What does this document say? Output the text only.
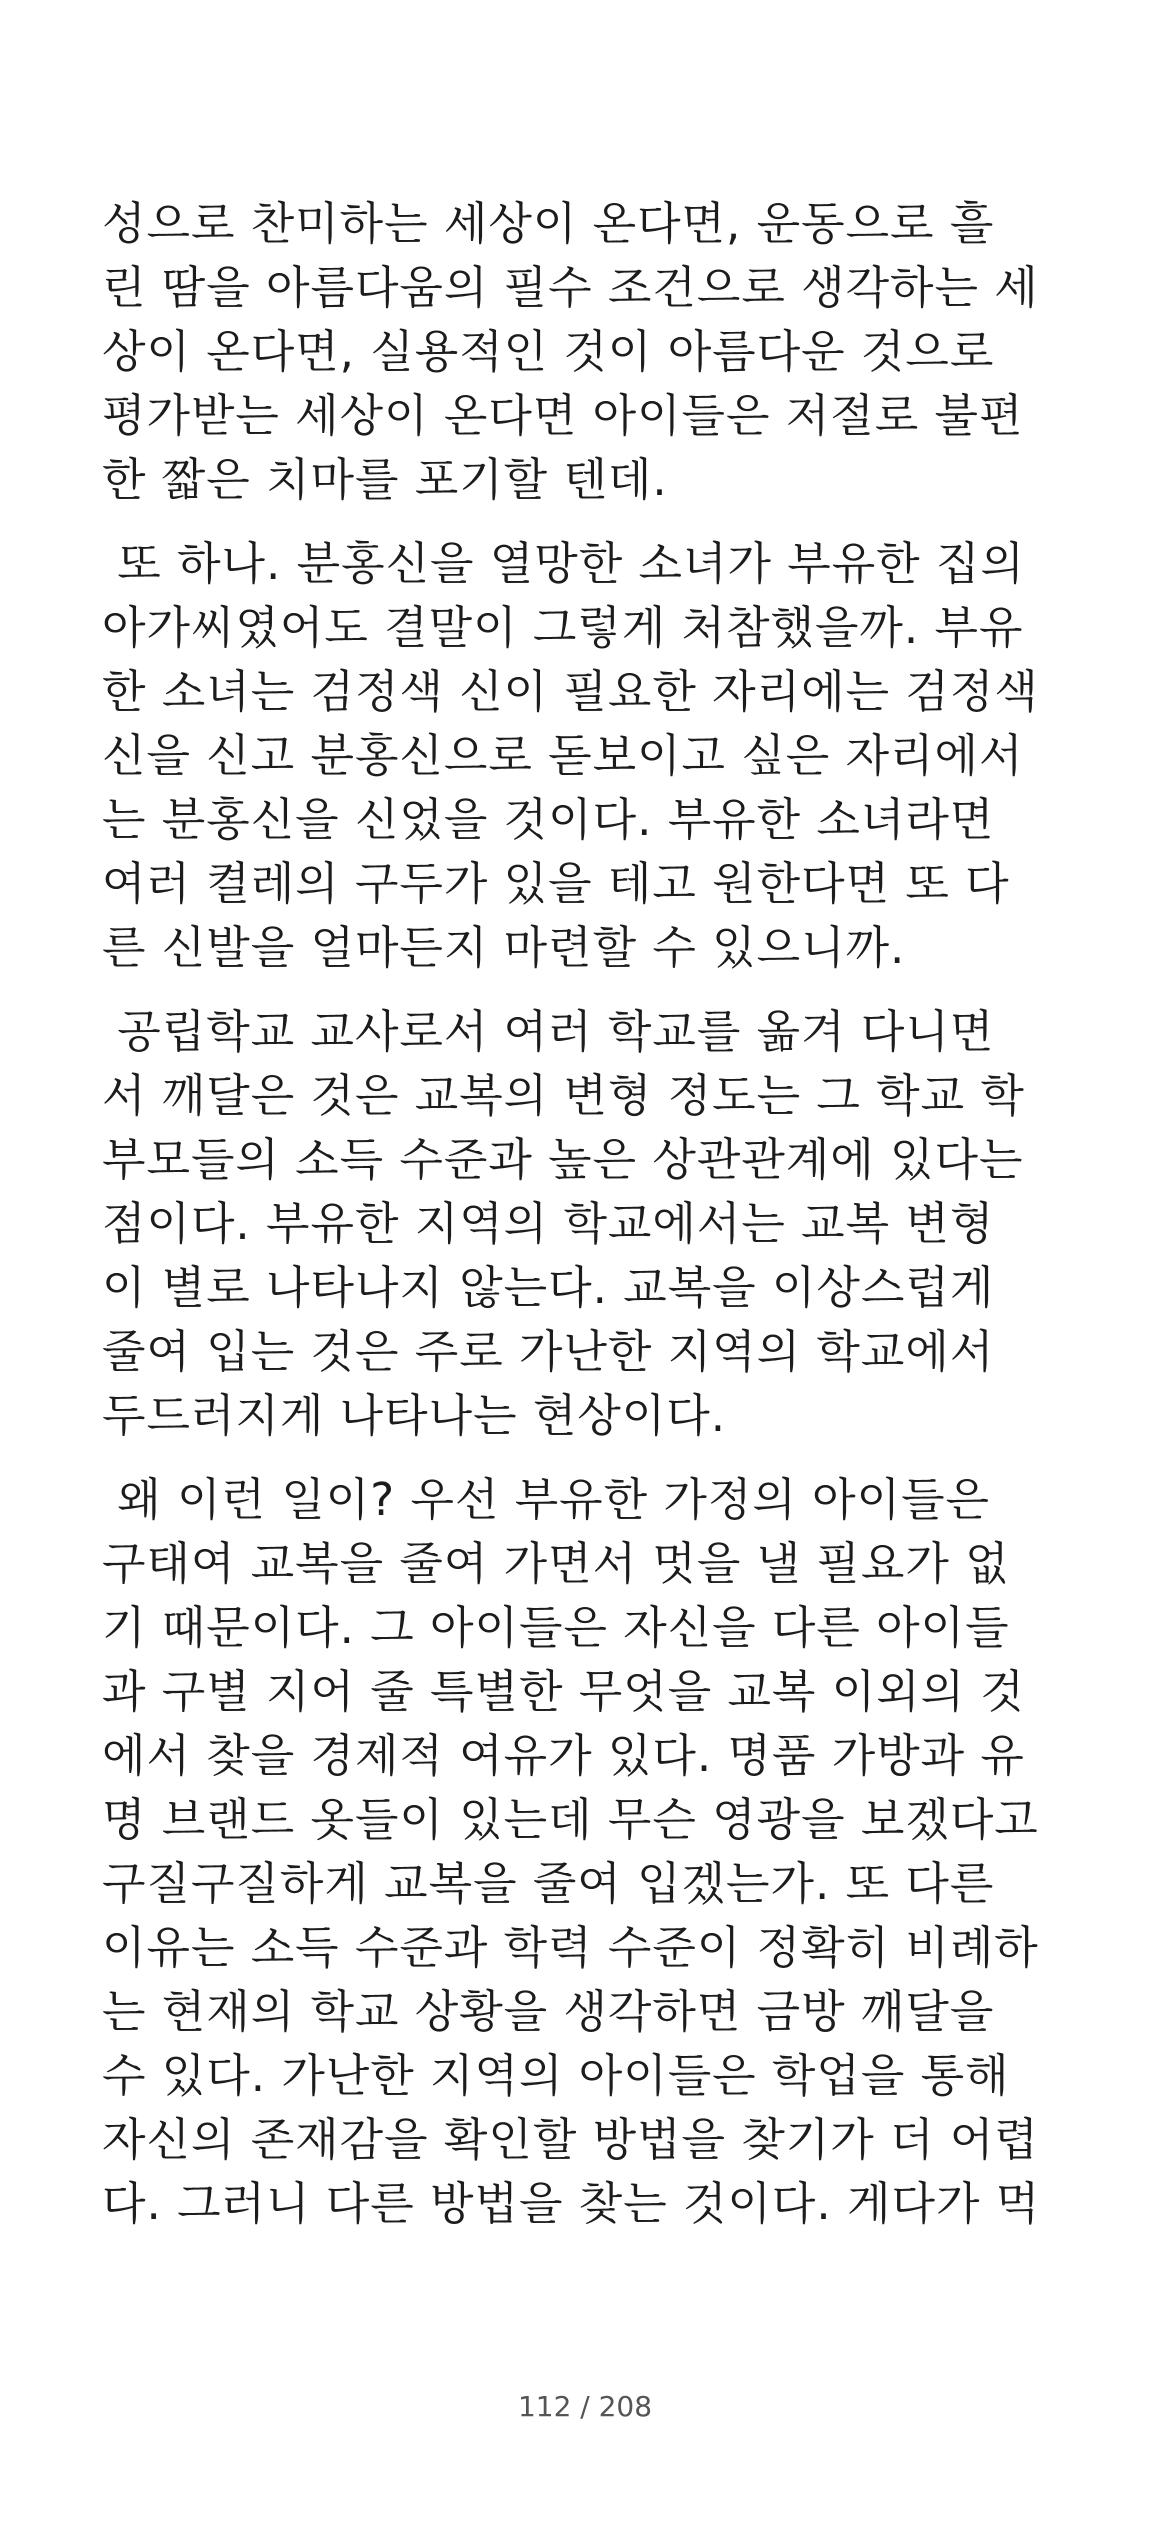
성으로 찬미하는 세상이 온다면, 운동으로 흘
린 땀을 아름다움의 필수 조건으로 생각하는 세
상이 온다면, 실용적인 것이 아름다운 것으로
평가받는 세상이 온다면 아이들은 저절로 불편
한 짧은 치마를 포기할 텐데.
또 하나. 분홍신을 열망한 소녀가 부유한 집의
아가씨였어도 결말이 그렇게 처참했을까. 부유
한 소녀는 검정색 신이 필요한 자리에는 검정색
신을 신고 분홍신으로 돋보이고 싶은 자리에서
는 분홍신을 신었을 것이다. 부유한 소녀라면
여러 켤레의 구두가 있을 테고 원한다면 또 다
른 신발을 얼마든지 마련할 수 있으니까.
공립학교 교사로서 여러 학교를 옮겨 다니면
서 깨달은 것은 교복의 변형 정도는 그 학교 학
부모들의 소득 수준과 높은 상관관계에 있다는
점이다. 부유한 지역의 학교에서는 교복 변형
이 별로 나타나지 않는다. 교복을 이상스럽게
줄여 입는 것은 주로 가난한 지역의 학교에서
두드러지게 나타나는 현상이다.
왜 이런 일이? 우선 부유한 가정의 아이들은
구태여 교복을 줄여 가면서 멋을 낼 필요가 없
기 때문이다. 그 아이들은 자신을 다른 아이들
과 구별 지어 줄 특별한 무엇을 교복 이외의 것
에서 찾을 경제적 여유가 있다. 명품 가방과 유
명 브랜드 옷들이 있는데 무슨 영광을 보겠다고
구질구질하게 교복을 줄여 입겠는가. 또 다른
이유는 소득 수준과 학력 수준이 정확히 비례하
는 현재의 학교 상황을 생각하면 금방 깨달을
수 있다. 가난한 지역의 아이들은 학업을 통해
자신의 존재감을 확인할 방법을 찾기가 더 어렵
다. 그러니 다른 방법을 찾는 것이다. 게다가 먹
112 / 208
